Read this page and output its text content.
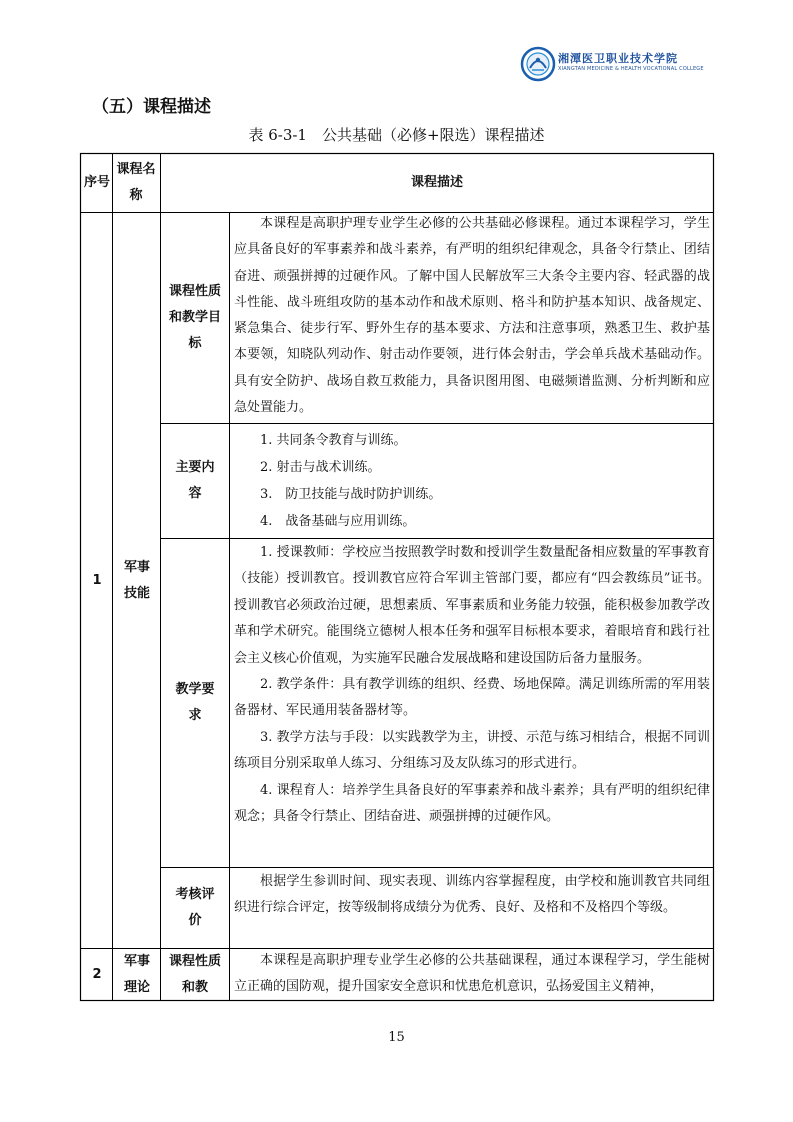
湘潭医卫职业技术学院
XIANGTAN MEDICINE & HEALTH VOCATIONAL COLLEGE
（五）课程描述
表 6-3-1　公共基础（必修+限选）课程描述
序号
课程名称
课程描述
1
军事技能
课程性质和教学目标

本课程是高职护理专业学生必修的公共基础必修课程。通过本课程学习，学生应具备良好的军事素养和战斗素养，有严明的组织纪律观念，具备令行禁止、团结奋进、顽强拼搏的过硬作风。了解中国人民解放军三大条令主要内容、轻武器的战斗性能、战斗班组攻防的基本动作和战术原则、格斗和防护基本知识、战备规定、紧急集合、徒步行军、野外生存的基本要求、方法和注意事项，熟悉卫生、救护基本要领，知晓队列动作、射击动作要领，进行体会射击，学会单兵战术基础动作。具有安全防护、战场自救互救能力，具备识图用图、电磁频谱监测、分析判断和应急处置能力。

主要内容

1. 共同条令教育与训练。

2. 射击与战术训练。

3.　防卫技能与战时防护训练。

4.　战备基础与应用训练。

教学要求

1. 授课教师：学校应当按照教学时数和授训学生数量配备相应数量的军事教育（技能）授训教官。授训教官应符合军训主管部门要，都应有“四会教练员”证书。授训教官必须政治过硬，思想素质、军事素质和业务能力较强，能积极参加教学改革和学术研究。能围绕立德树人根本任务和强军目标根本要求，着眼培育和践行社会主义核心价值观，为实施军民融合发展战略和建设国防后备力量服务。

2. 教学条件：具有教学训练的组织、经费、场地保障。满足训练所需的军用装备器材、军民通用装备器材等。

3. 教学方法与手段：以实践教学为主，讲授、示范与练习相结合，根据不同训练项目分别采取单人练习、分组练习及友队练习的形式进行。

4. 课程育人：培养学生具备良好的军事素养和战斗素养；具有严明的组织纪律观念；具备令行禁止、团结奋进、顽强拼搏的过硬作风。

考核评价

根据学生参训时间、现实表现、训练内容掌握程度，由学校和施训教官共同组织进行综合评定，按等级制将成绩分为优秀、良好、及格和不及格四个等级。

2
军事理论
课程性质和教

本课程是高职护理专业学生必修的公共基础课程，通过本课程学习，学生能树立正确的国防观，提升国家安全意识和忧患危机意识，弘扬爱国主义精神，

15
